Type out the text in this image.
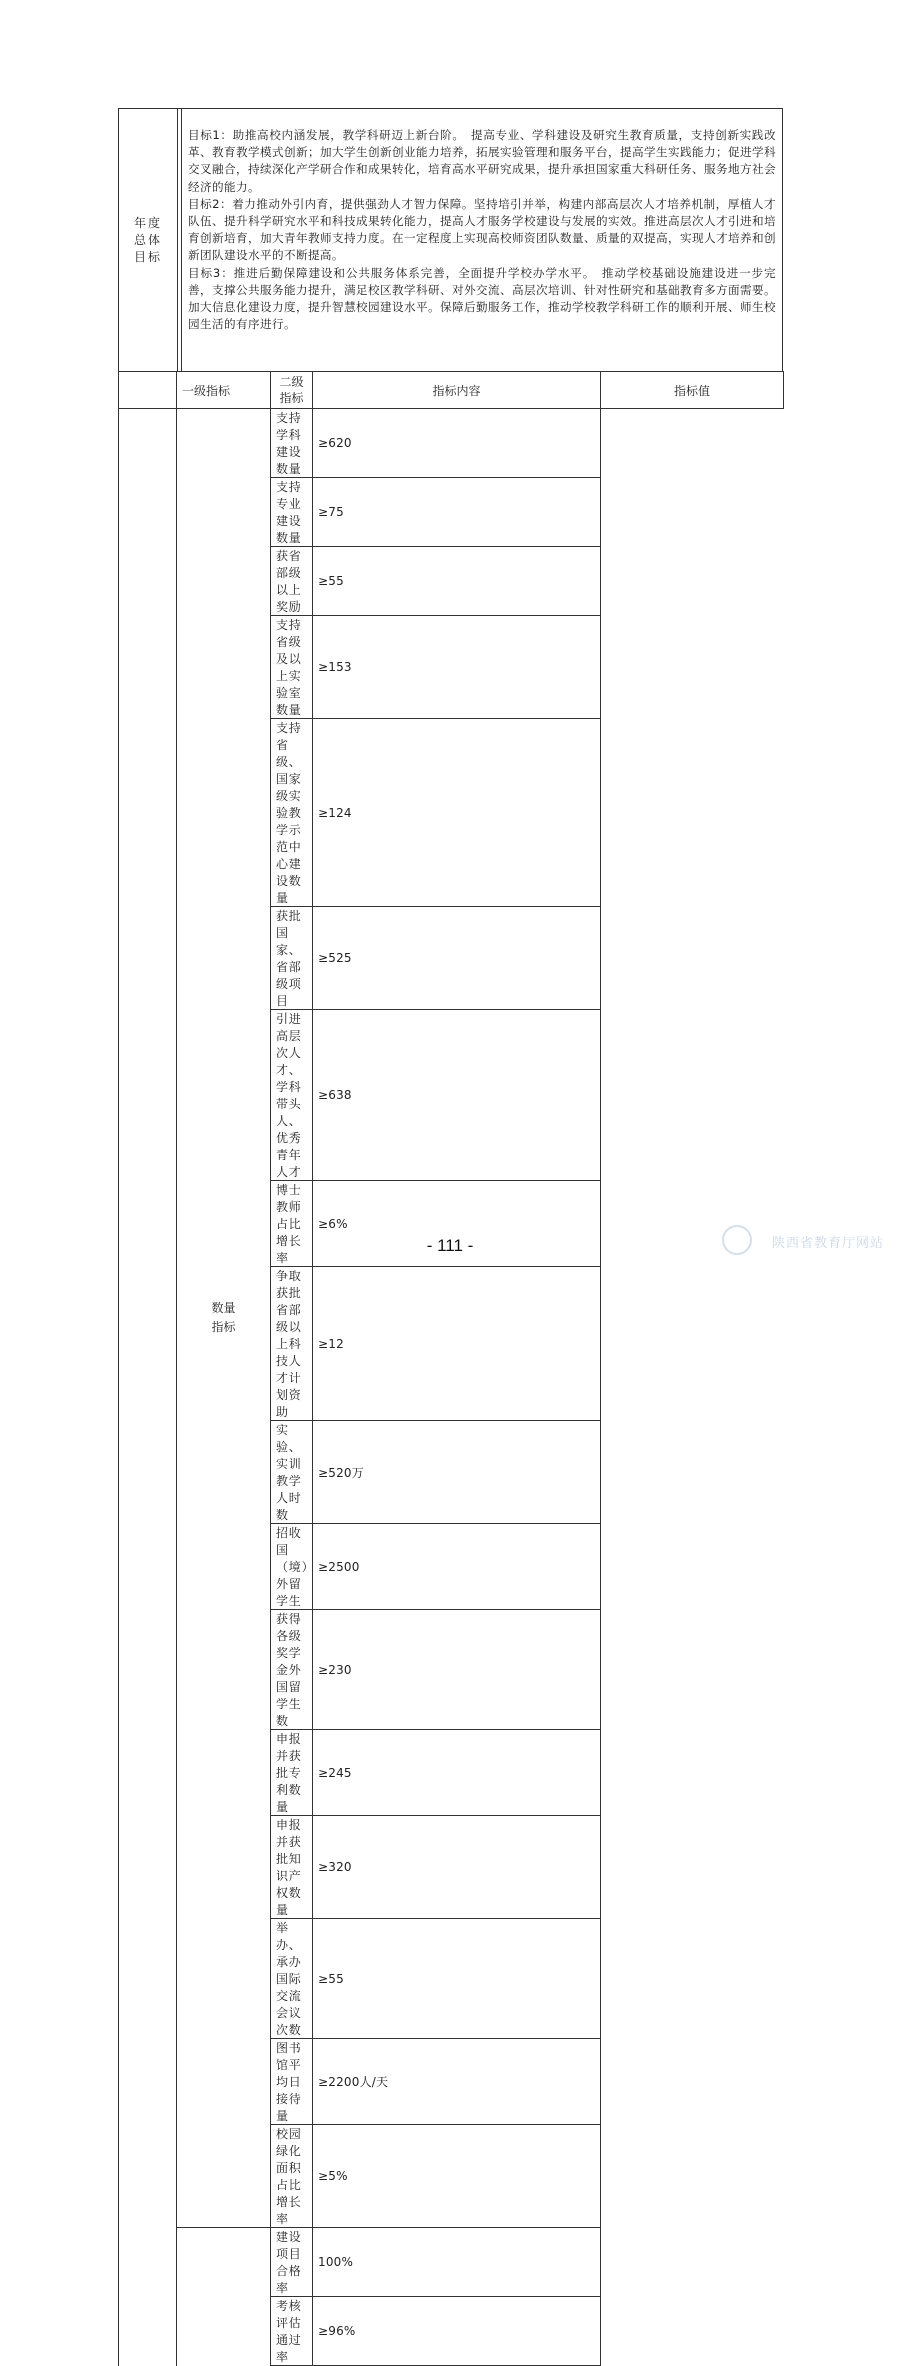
年度总体目标

目标1：助推高校内涵发展，教学科研迈上新台阶。　提高专业、学科建设及研究生教育质量，支持创新实践改革、教育教学模式创新；加大学生创新创业能力培养，拓展实验管理和服务平台，提高学生实践能力；促进学科交叉融合，持续深化产学研合作和成果转化，培育高水平研究成果，提升承担国家重大科研任务、服务地方社会经济的能力。

目标2：着力推动外引内育，提供强劲人才智力保障。坚持培引并举，构建内部高层次人才培养机制，厚植人才队伍、提升科学研究水平和科技成果转化能力，提高人才服务学校建设与发展的实效。推进高层次人才引进和培育创新培育，加大青年教师支持力度。在一定程度上实现高校师资团队数量、质量的双提高，实现人才培养和创新团队建设水平的不断提高。

目标3：推进后勤保障建设和公共服务体系完善，全面提升学校办学水平。　推动学校基础设施建设进一步完善，支撑公共服务能力提升，满足校区教学科研、对外交流、高层次培训、针对性研究和基础教育多方面需要。加大信息化建设力度，提升智慧校园建设水平。保障后勤服务工作，推动学校教学科研工作的顺利开展、师生校园生活的有序进行。

	一级指标	二级指标	指标内容	指标值

	数量指标	支持学科建设数量	≥620	
		支持专业建设数量	≥75	
		获省部级以上奖励	≥55	
		支持省级及以上实验室数量	≥153	
		支持省级、国家级实验教学示范中心建设数量	≥124	
		获批国家、省部级项目	≥525	
		引进高层次人才、学科带头人、优秀青年人才	≥638	
		博士教师占比增长率	≥6%	
		争取获批省部级以上科技人才计划资助	≥12	
		实验、实训教学人时数	≥520万	
		招收国（境）外留学生	≥2500	
		获得各级奖学金外国留学生数	≥230	
		申报并获批专利数量	≥245	
		申报并获批知识产权数量	≥320	
		举办、承办国际交流会议次数	≥55	
		图书馆平均日接待量	≥2200人/天	
		校园绿化面积占比增长率	≥5%	
		建设项目合格率	100%	
		考核评估通过率	≥96%	
- 111 -	陕西省教育厅网站
